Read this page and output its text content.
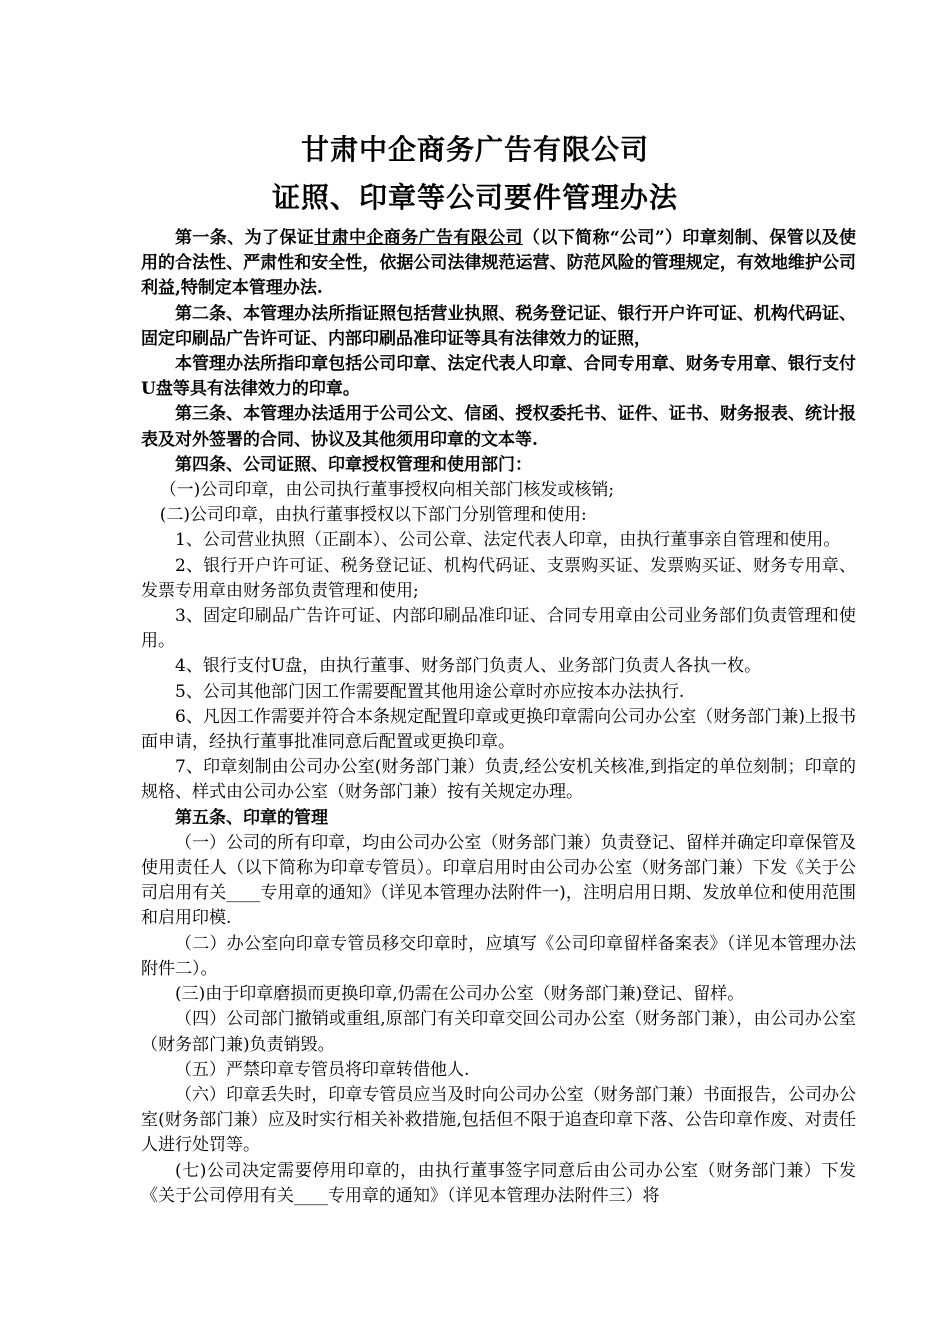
甘肃中企商务广告有限公司
证照、印章等公司要件管理办法

第一条、为了保证甘肃中企商务广告有限公司（以下简称“公司”）印章刻制、保管以及使用的合法性、严肃性和安全性，依据公司法律规范运营、防范风险的管理规定，有效地维护公司利益,特制定本管理办法.

第二条、本管理办法所指证照包括营业执照、税务登记证、银行开户许可证、机构代码证、固定印刷品广告许可证、内部印刷品准印证等具有法律效力的证照，

本管理办法所指印章包括公司印章、法定代表人印章、合同专用章、财务专用章、银行支付U盘等具有法律效力的印章。

第三条、本管理办法适用于公司公文、信函、授权委托书、证件、证书、财务报表、统计报表及对外签署的合同、协议及其他须用印章的文本等.

第四条、公司证照、印章授权管理和使用部门：

（一)公司印章，由公司执行董事授权向相关部门核发或核销;

(二)公司印章，由执行董事授权以下部门分别管理和使用:

1、公司营业执照（正副本）、公司公章、法定代表人印章，由执行董事亲自管理和使用。

2、银行开户许可证、税务登记证、机构代码证、支票购买证、发票购买证、财务专用章、发票专用章由财务部负责管理和使用;

3、固定印刷品广告许可证、内部印刷品准印证、合同专用章由公司业务部们负责管理和使用。

4、银行支付U盘，由执行董事、财务部门负责人、业务部门负责人各执一枚。

5、公司其他部门因工作需要配置其他用途公章时亦应按本办法执行.

6、凡因工作需要并符合本条规定配置印章或更换印章需向公司办公室（财务部门兼)上报书面申请，经执行董事批准同意后配置或更换印章。

7、印章刻制由公司办公室(财务部门兼）负责,经公安机关核准,到指定的单位刻制；印章的规格、样式由公司办公室（财务部门兼）按有关规定办理。

第五条、印章的管理

（一）公司的所有印章，均由公司办公室（财务部门兼）负责登记、留样并确定印章保管及使用责任人（以下简称为印章专管员）。印章启用时由公司办公室（财务部门兼）下发《关于公司启用有关____专用章的通知》（详见本管理办法附件一)，注明启用日期、发放单位和使用范围和启用印模.

（二）办公室向印章专管员移交印章时，应填写《公司印章留样备案表》（详见本管理办法附件二）。

(三)由于印章磨损而更换印章,仍需在公司办公室（财务部门兼)登记、留样。

（四）公司部门撤销或重组,原部门有关印章交回公司办公室（财务部门兼），由公司办公室（财务部门兼)负责销毁。

（五）严禁印章专管员将印章转借他人.

（六）印章丢失时，印章专管员应当及时向公司办公室（财务部门兼）书面报告，公司办公室(财务部门兼）应及时实行相关补救措施,包括但不限于追查印章下落、公告印章作废、对责任人进行处罚等。

(七)公司决定需要停用印章的，由执行董事签字同意后由公司办公室（财务部门兼）下发《关于公司停用有关____专用章的通知》（详见本管理办法附件三）将
